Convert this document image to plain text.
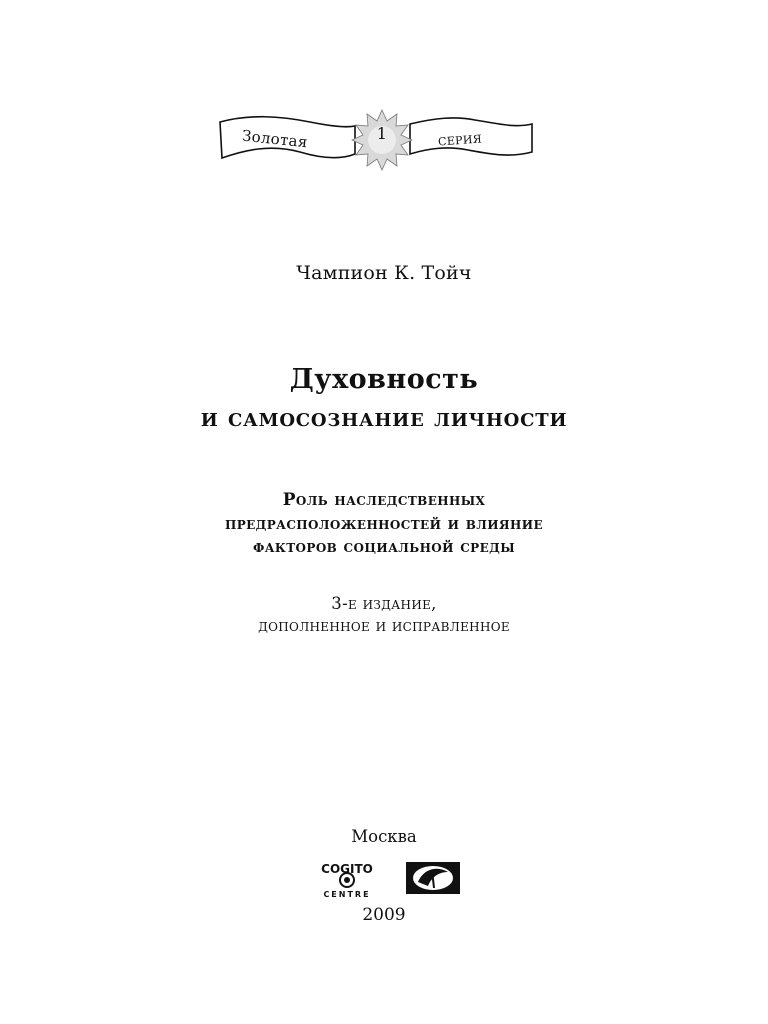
Золотая	1	серия
Чампион К. Тойч
Духовность
и самосознание личности
Роль наследственных
предрасположенностей и влияние
факторов социальной среды
3-е издание,
дополненное и исправленное
Москва
COGITO
CENTRE
2009
